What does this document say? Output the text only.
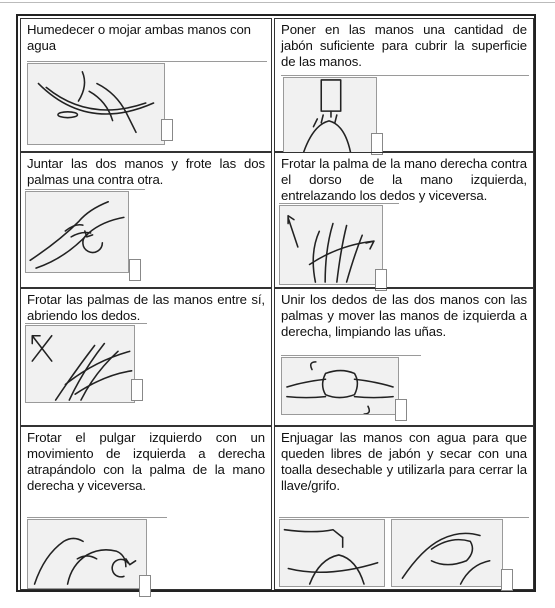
Humedecer o mojar ambas manos con agua
Poner en las manos una cantidad de jabón suficiente para cubrir la superficie de las manos.
Juntar las dos manos y frote las dos palmas una contra otra.
Frotar la palma de la mano derecha contra el dorso de la mano izquierda, entrelazando los dedos y viceversa.
Frotar las palmas de las manos entre sí, abriendo los dedos.
Unir los dedos de las dos manos con las palmas y mover las manos de izquierda a derecha, limpiando las uñas.
Frotar el pulgar izquierdo con un movimiento de izquierda a derecha atrapándolo con la palma de la mano derecha y viceversa.
Enjuagar las manos con agua para que queden libres de jabón y secar con una toalla desechable y utilizarla para cerrar la llave/grifo.
